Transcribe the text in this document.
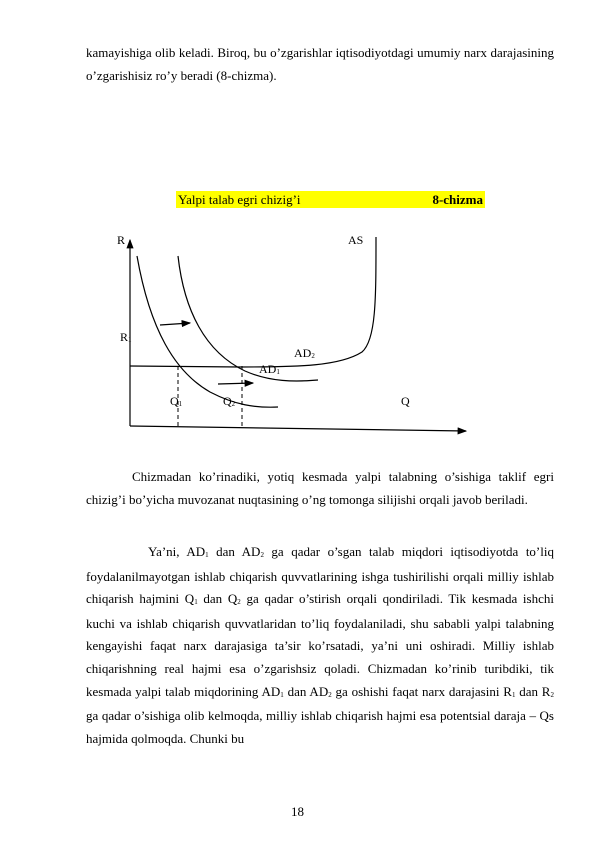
kamayishiga olib keladi. Biroq, bu o’zgarishlar iqtisodiyotdagi umumiy narx darajasining o’zgarishisiz ro’y beradi (8-chizma).

Yalpi talab egri chizig’i	8-chizma
R	AS
$R_1$
$AD_2$
$AD_1$
$Q_1$	$Q_2$	Q

Chizmadan ko’rinadiki, yotiq kesmada yalpi talabning o’sishiga taklif egri chizig’i bo’yicha muvozanat nuqtasining o’ng tomonga silijishi orqali javob beriladi.

Ya’ni, $AD_1$ dan $AD_2$ ga qadar o’sgan talab miqdori iqtisodiyotda to’liq foydalanilmayotgan ishlab chiqarish quvvatlarining ishga tushirilishi orqali milliy ishlab chiqarish hajmini $Q_1$ dan $Q_2$ ga qadar o’stirish orqali qondiriladi. Tik kesmada ishchi kuchi va ishlab chiqarish quvvatlaridan to’liq foydalaniladi, shu sababli yalpi talabning kengayishi faqat narx darajasiga ta’sir ko’rsatadi, ya’ni uni oshiradi. Milliy ishlab chiqarishning real hajmi esa o’zgarishsiz qoladi. Chizmadan ko’rinib turibdiki, tik kesmada yalpi talab miqdorining $AD_1$ dan $AD_2$ ga oshishi faqat narx darajasini $R_1$ dan $R_2$ ga qadar o’sishiga olib kelmoqda, milliy ishlab chiqarish hajmi esa potentsial daraja – Qs hajmida qolmoqda. Chunki bu

18
